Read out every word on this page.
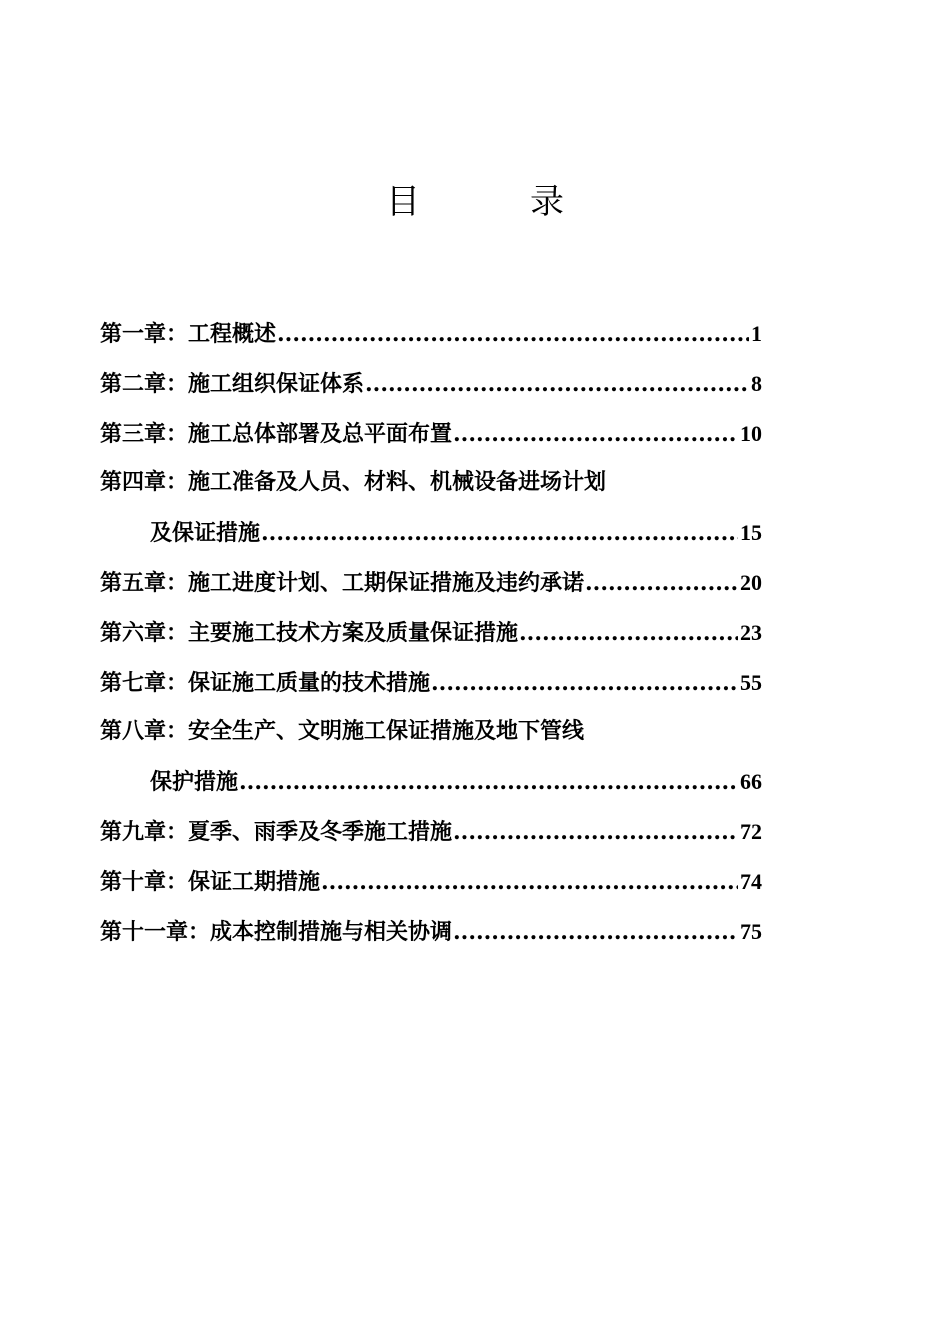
目	录
第一章：工程概述 .....	1
第二章：施工组织保证体系 .....	8
第三章：施工总体部署及总平面布置 .....	10
第四章：施工准备及人员、材料、机械设备进场计划
及保证措施 .....	15
第五章：施工进度计划、工期保证措施及违约承诺 .....	20
第六章：主要施工技术方案及质量保证措施 .....	23
第七章：保证施工质量的技术措施 .....	55
第八章：安全生产、文明施工保证措施及地下管线
保护措施 .....	66
第九章：夏季、雨季及冬季施工措施 .....	72
第十章：保证工期措施 .....	74
第十一章：成本控制措施与相关协调 .....	75
